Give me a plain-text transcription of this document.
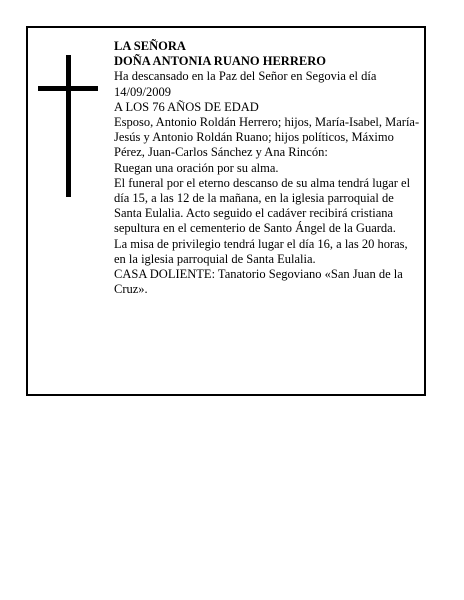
LA SEÑORA

DOÑA ANTONIA RUANO HERRERO

Ha descansado en la Paz del Señor en Segovia el día 14/09/2009

A LOS 76 AÑOS DE EDAD

Esposo, Antonio Roldán Herrero; hijos, María-Isabel, María-Jesús y Antonio Roldán Ruano; hijos políticos, Máximo Pérez, Juan-Carlos Sánchez y Ana Rincón:

Ruegan una oración por su alma.

El funeral por el eterno descanso de su alma tendrá lugar el día 15, a las 12 de la mañana, en la iglesia parroquial de Santa Eulalia. Acto seguido el cadáver recibirá cristiana sepultura en el cementerio de Santo Ángel de la Guarda.

La misa de privilegio tendrá lugar el día 16, a las 20 horas, en la iglesia parroquial de Santa Eulalia.

CASA DOLIENTE: Tanatorio Segoviano «San Juan de la Cruz».
